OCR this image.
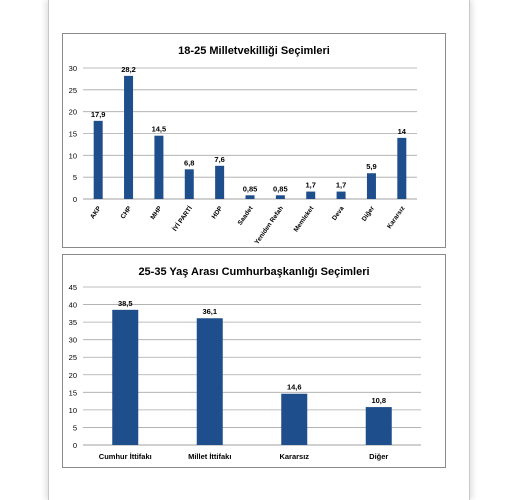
18-25 Milletvekilliği Seçimleri
0
5
10
15
20
25
30
17,9
AKP
28,2
CHP
14,5
MHP
6,8
İYİ PARTİ
7,6
HDP
0,85
Saadet
0,85
Yeniden Refah
1,7
Memleket
1,7
Deva
5,9
Diğer
14
Kararsız
25-35 Yaş Arası Cumhurbaşkanlığı Seçimleri
0
5
10
15
20
25
30
35
40
45
38,5
Cumhur İttifakı
36,1
Millet İttifakı
14,6
Kararsız
10,8
Diğer
